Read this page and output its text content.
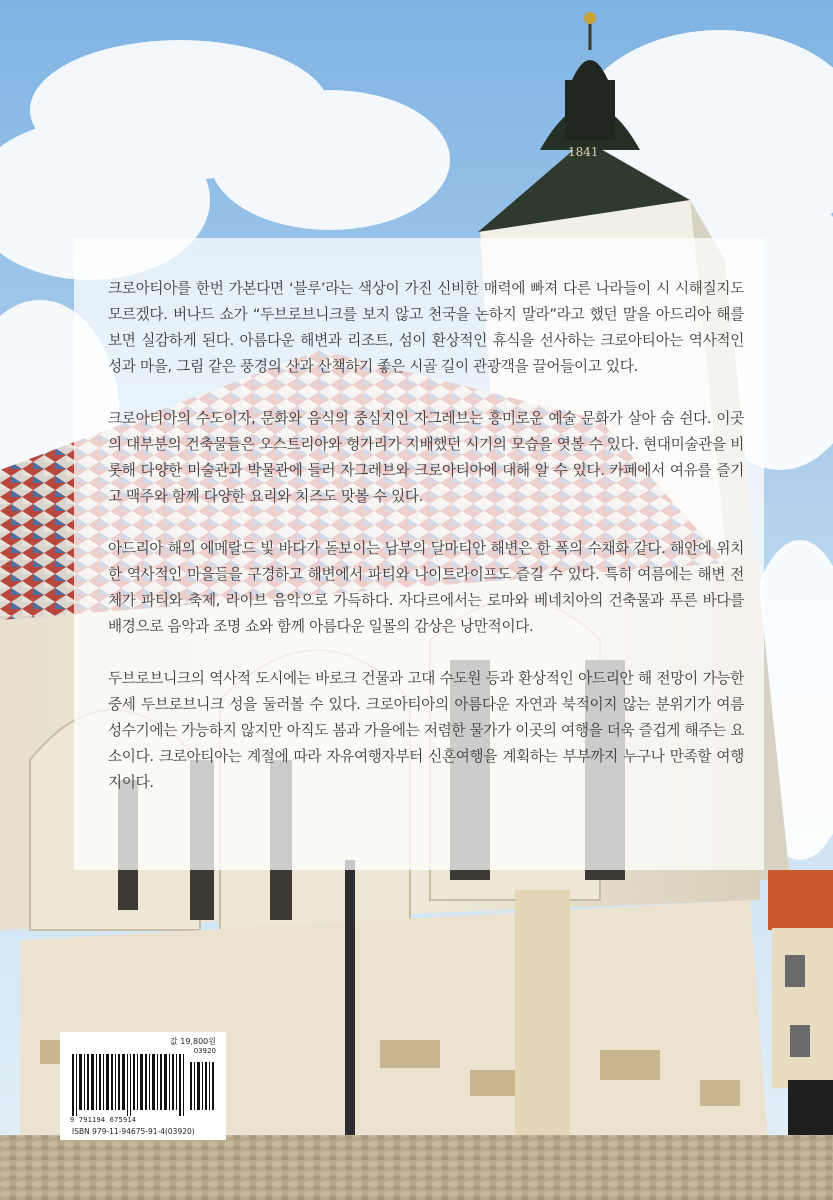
1841

크로아티아를 한번 가본다면 ‘블루’라는 색상이 가진 신비한 매력에 빠져 다른 나라들이 시 시해질지도 모르겠다. 버나드 쇼가 “두브로브니크를 보지 않고 천국을 논하지 말라”라고 했던 말을 아드리아 해를 보면 실감하게 된다. 아름다운 해변과 리조트, 섬이 환상적인 휴식을 선사하는 크로아티아는 역사적인 성과 마을, 그림 같은 풍경의 산과 산책하기 좋은 시골 길이 관광객을 끌어들이고 있다.

크로아티아의 수도이자, 문화와 음식의 중심지인 자그레브는 흥미로운 예술 문화가 살아 숨 쉰다. 이곳의 대부분의 건축물들은 오스트리아와 헝가리가 지배했던 시기의 모습을 엿볼 수 있다. 현대미술관을 비롯해 다양한 미술관과 박물관에 들러 자그레브와 크로아티아에 대해 알 수 있다. 카페에서 여유를 즐기고 맥주와 함께 다양한 요리와 치즈도 맛볼 수 있다.

아드리아 해의 에메랄드 빛 바다가 돋보이는 남부의 달마티안 해변은 한 폭의 수채화 같다. 해안에 위치한 역사적인 마을들을 구경하고 해변에서 파티와 나이트라이프도 즐길 수 있다. 특히 여름에는 해변 전체가 파티와 축제, 라이브 음악으로 가득하다. 자다르에서는 로마와 베네치아의 건축물과 푸른 바다를 배경으로 음악과 조명 쇼와 함께 아름다운 일몰의 감상은 낭만적이다.

두브로브니크의 역사적 도시에는 바로크 건물과 고대 수도원 등과 환상적인 아드리안 해 전망이 가능한 중세 두브로브니크 성을 둘러볼 수 있다. 크로아티아의 아름다운 자연과 북적이지 않는 분위기가 여름 성수기에는 가능하지 않지만 아직도 봄과 가을에는 저렴한 물가가 이곳의 여행을 더욱 즐겁게 해주는 요소이다. 크로아티아는 계절에 따라 자유여행자부터 신혼여행을 계획하는 부부까지 누구나 만족할 여행지이다.

값 19,800원
03920
9 791194 675914
ISBN 979-11-94675-91-4(03920)
